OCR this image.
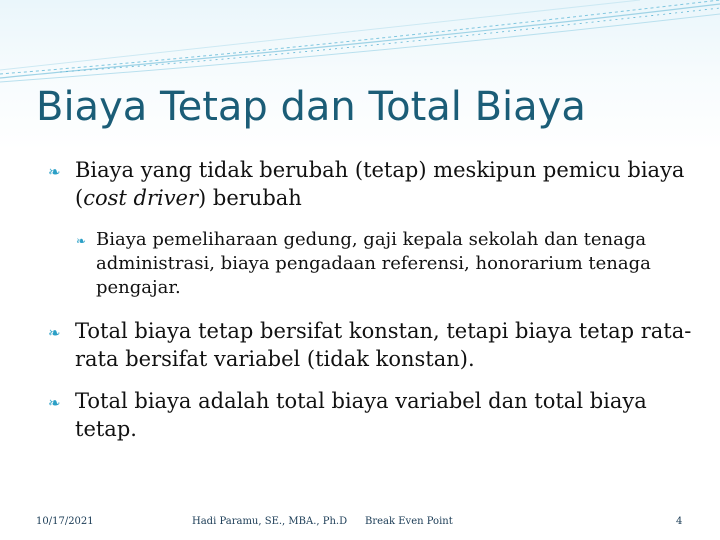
Biaya Tetap dan Total Biaya
❧ Biaya yang tidak berubah (tetap) meskipun pemicu biaya (cost driver) berubah
❧ Biaya pemeliharaan gedung, gaji kepala sekolah dan tenaga administrasi, biaya pengadaan referensi, honorarium tenaga pengajar.
❧ Total biaya tetap bersifat konstan, tetapi biaya tetap rata-rata bersifat variabel (tidak konstan).
❧ Total biaya adalah total biaya variabel dan total biaya tetap.
10/17/2021	Hadi Paramu, SE., MBA., Ph.D Break Even Point	4
